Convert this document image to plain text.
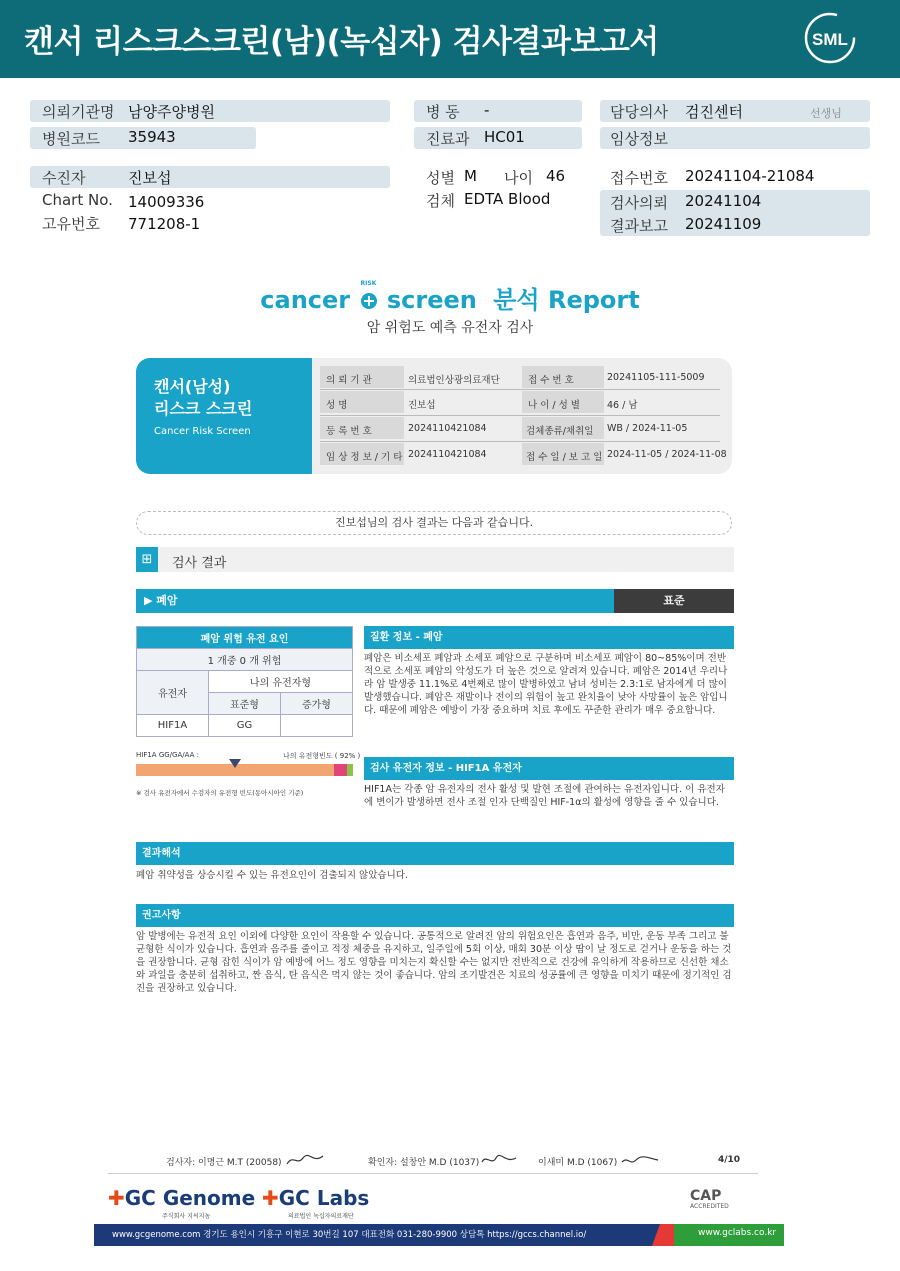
캔서 리스크스크린(남)(녹십자) 검사결과보고서	SML
의뢰기관명 남양주양병원
병원코드 35943
병 동 -
진료과 HC01
담당의사 검진센터	선생님
임상정보
수진자	진보섭
Chart No. 14009336
고유번호 771208-1
성별 M 나이 46
검체 EDTA Blood
접수번호 20241104-21084
검사의뢰 20241104
결과보고 20241109
cancer
RISK
screen 분석 Report
암 위험도 예측 유전자 검사
캔서(남성)
리스크 스크린
Cancer Risk Screen
의 뢰 기 관	의료법인상광의료재단	접 수 번 호	20241105-111-5009
성 명	진보섭	나 이 / 성 별	46 / 남
등 록 번 호	2024110421084	검체종류/채취일 WB / 2024-11-05
임 상 정 보 / 기 타 2024110421084	접 수 일 / 보 고 일 2024-11-05 / 2024-11-08
진보섭님의 검사 결과는 다음과 같습니다.
⊞	검사 결과
▶ 폐암	표준
폐암 위험 유전 요인		
1 개중 0 개 위험		
유전자	나의 유전자형	
	표준형	증가형
HIF1A	GG	
HIF1A GG/GA/AA :	나의 유전형빈도 ( 92% )
※ 검사 유전자에서 수검자의 유전형 빈도(동아시아인 기준)
질환 정보 - 폐암
폐암은 비소세포 폐암과 소세포 폐암으로 구분하며 비소세포 폐암이 80~85%이며 전반적으로 소세포 폐암의 악성도가 더 높은 것으로 알려져 있습니다. 폐암은 2014년 우리나라 암 발생중 11.1%로 4번째로 많이 발병하였고 남녀 성비는 2.3:1로 남자에게 더 많이 발생했습니다. 폐암은 재발이나 전이의 위험이 높고 완치율이 낮아 사망률이 높은 암입니다. 때문에 폐암은 예방이 가장 중요하며 치료 후에도 꾸준한 관리가 매우 중요합니다.
검사 유전자 정보 - HIF1A 유전자
HIF1A는 각종 암 유전자의 전사 활성 및 발현 조절에 관여하는 유전자입니다. 이 유전자에 변이가 발생하면 전사 조절 인자 단백질인 HIF-1α의 활성에 영향을 줄 수 있습니다.
결과해석
폐암 취약성을 상승시킬 수 있는 유전요인이 검출되지 않았습니다.
권고사항
암 발병에는 유전적 요인 이외에 다양한 요인이 작용할 수 있습니다. 공통적으로 알려진 암의 위험요인은 흡연과 음주, 비만, 운동 부족 그리고 불균형한 식이가 있습니다. 흡연과 음주를 줄이고 적정 체중을 유지하고, 일주일에 5회 이상, 매회 30분 이상 땀이 날 정도로 걷거나 운동을 하는 것을 권장합니다. 균형 잡힌 식이가 암 예방에 어느 정도 영향을 미치는지 확신할 수는 없지만 전반적으로 건강에 유익하게 작용하므로 신선한 채소와 과일을 충분히 섭취하고, 짠 음식, 탄 음식은 먹지 않는 것이 좋습니다. 암의 조기발견은 치료의 성공률에 큰 영향을 미치기 때문에 정기적인 검진을 권장하고 있습니다.
검사자: 이명근 M.T (20058)	확인자: 설창안 M.D (1037)	이새미 M.D (1067)	4/10
✚GC Genome
주식회사 지씨지놈
✚GC Labs
의료법인 녹십자의료재단
CAP
ACCREDITED
www.gcgenome.com 경기도 용인시 기흥구 이현로 30번길 107 대표전화 031-280-9900 상담톡 https://gccs.channel.io/	www.gclabs.co.kr
